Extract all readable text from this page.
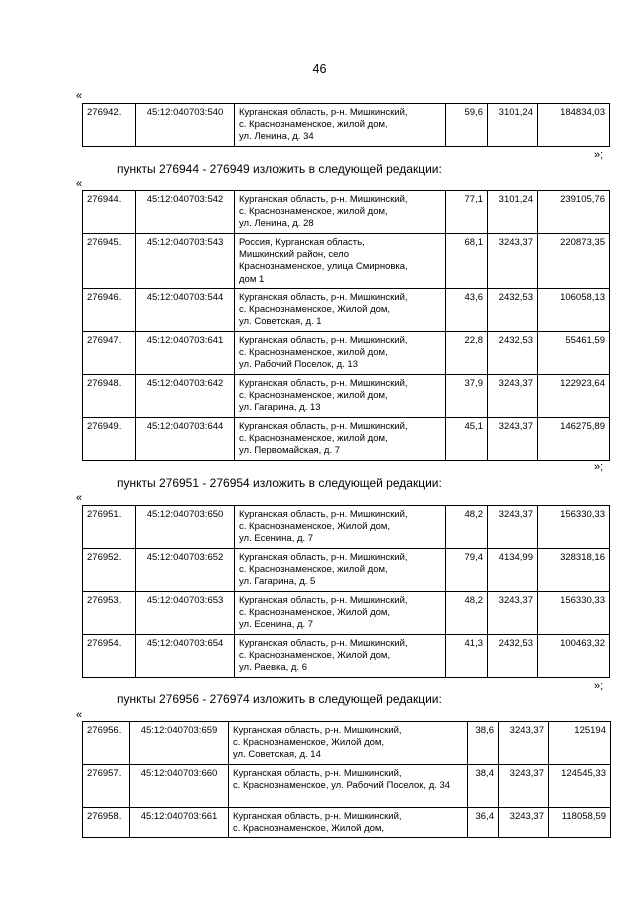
46
«
276942.	45:12:040703:540	Курганская область, р-н. Мишкинский,
с. Краснознаменское, жилой дом,
ул. Ленина, д. 34
	59,6	3101,24	184834,03
»;
пункты 276944 - 276949 изложить в следующей редакции:
«
276944.	45:12:040703:542	Курганская область, р-н. Мишкинский,
с. Краснознаменское, жилой дом,
ул. Ленина, д. 28	77,1	3101,24	239105,76
276945.	45:12:040703:543	Россия, Курганская область,
Мишкинский район, село
Краснознаменское, улица Смирновка,
дом 1	68,1	3243,37	220873,35
276946.	45:12:040703:544	Курганская область, р-н. Мишкинский,
с. Краснознаменское, Жилой дом,
ул. Советская, д. 1	43,6	2432,53	106058,13
276947.	45:12:040703:641	Курганская область, р-н. Мишкинский,
с. Краснознаменское, жилой дом,
ул. Рабочий Поселок, д. 13	22,8	2432,53	55461,59
276948.	45:12:040703:642	Курганская область, р-н. Мишкинский,
с. Краснознаменское, жилой дом,
ул. Гагарина, д. 13	37,9	3243,37	122923,64
276949.	45:12:040703:644	Курганская область, р-н. Мишкинский,
с. Краснознаменское, жилой дом,
ул. Первомайская, д. 7	45,1	3243,37	146275,89
»;
пункты 276951 - 276954 изложить в следующей редакции:
«
276951.	45:12:040703:650	Курганская область, р-н. Мишкинский,
с. Краснознаменское, Жилой дом,
ул. Есенина, д. 7	48,2	3243,37	156330,33
276952.	45:12:040703:652	Курганская область, р-н. Мишкинский,
с. Краснознаменское, жилой дом,
ул. Гагарина, д. 5	79,4	4134,99	328318,16
276953.	45:12:040703:653	Курганская область, р-н. Мишкинский,
с. Краснознаменское, Жилой дом,
ул. Есенина, д. 7	48,2	3243,37	156330,33
276954.	45:12:040703:654	Курганская область, р-н. Мишкинский,
с. Краснознаменское, Жилой дом,
ул. Раевка, д. 6	41,3	2432,53	100463,32
»;
пункты 276956 - 276974 изложить в следующей редакции:
«
276956.	45:12:040703:659	Курганская область, р-н. Мишкинский,
с. Краснознаменское, Жилой дом,
ул. Советская, д. 14	38,6	3243,37	125194
276957.	45:12:040703:660	Курганская область, р-н. Мишкинский,
с. Краснознаменское, ул. Рабочий Поселок, д. 34	38,4	3243,37	124545,33
276958.	45:12:040703:661	Курганская область, р-н. Мишкинский,
с. Краснознаменское, Жилой дом,	36,4	3243,37	118058,59
